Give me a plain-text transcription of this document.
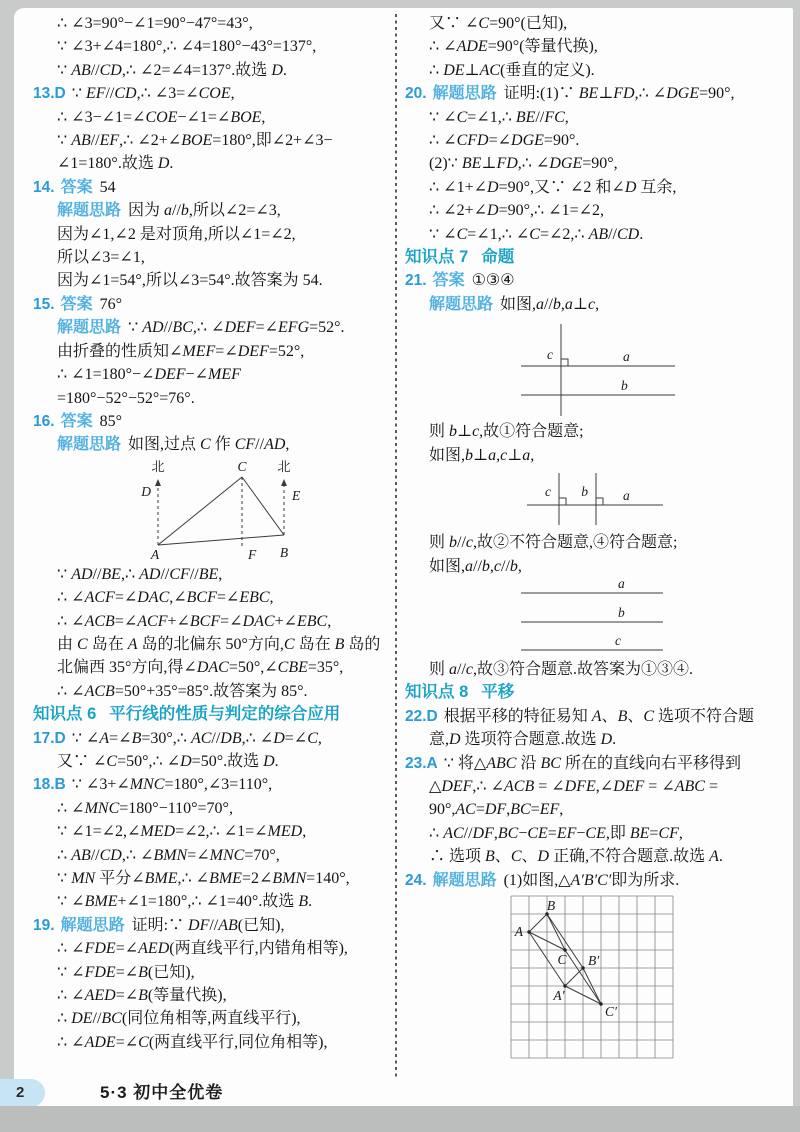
∴ ∠3=90°−∠1=90°−47°=43°,
∵ ∠3+∠4=180°,∴ ∠4=180°−43°=137°,
∵ AB//CD,∴ ∠2=∠4=137°.故选 D.
13.D ∵ EF//CD,∴ ∠3=∠COE,
∴ ∠3−∠1=∠COE−∠1=∠BOE,
∵ AB//EF,∴ ∠2+∠BOE=180°,即∠2+∠3−
∠1=180°.故选 D.
14. 答案 54
解题思路 因为 a//b,所以∠2=∠3,
因为∠1,∠2 是对顶角,所以∠1=∠2,
所以∠3=∠1,
因为∠1=54°,所以∠3=54°.故答案为 54.
15. 答案 76°
解题思路 ∵ AD//BC,∴ ∠DEF=∠EFG=52°.
由折叠的性质知∠MEF=∠DEF=52°,
∴ ∠1=180°−∠DEF−∠MEF
=180°−52°−52°=76°.
16. 答案 85°
解题思路 如图,过点 C 作 CF//AD,
北	北
D	E
C
A	F B
∵ AD//BE,∴ AD//CF//BE,
∴ ∠ACF=∠DAC,∠BCF=∠EBC,
∴ ∠ACB=∠ACF+∠BCF=∠DAC+∠EBC,
由 C 岛在 A 岛的北偏东 50°方向,C 岛在 B 岛的
北偏西 35°方向,得∠DAC=50°,∠CBE=35°,
∴ ∠ACB=50°+35°=85°.故答案为 85°.
知识点 6 平行线的性质与判定的综合应用
17.D ∵ ∠A=∠B=30°,∴ AC//DB,∴ ∠D=∠C,
又∵ ∠C=50°,∴ ∠D=50°.故选 D.
18.B ∵ ∠3+∠MNC=180°,∠3=110°,
∴ ∠MNC=180°−110°=70°,
∵ ∠1=∠2,∠MED=∠2,∴ ∠1=∠MED,
∴ AB//CD,∴ ∠BMN=∠MNC=70°,
∵ MN 平分∠BME,∴ ∠BME=2∠BMN=140°,
∵ ∠BME+∠1=180°,∴ ∠1=40°.故选 B.
19. 解题思路 证明:∵ DF//AB(已知),
∴ ∠FDE=∠AED(两直线平行,内错角相等),
∵ ∠FDE=∠B(已知),
∴ ∠AED=∠B(等量代换),
∴ DE//BC(同位角相等,两直线平行),
∴ ∠ADE=∠C(两直线平行,同位角相等),
又∵ ∠C=90°(已知),
∴ ∠ADE=90°(等量代换),
∴ DE⊥AC(垂直的定义).
20. 解题思路 证明:(1)∵ BE⊥FD,∴ ∠DGE=90°,
∵ ∠C=∠1,∴ BE//FC,
∴ ∠CFD=∠DGE=90°.
(2)∵ BE⊥FD,∴ ∠DGE=90°,
∴ ∠1+∠D=90°,又∵ ∠2 和∠D 互余,
∴ ∠2+∠D=90°,∴ ∠1=∠2,
∵ ∠C=∠1,∴ ∠C=∠2,∴ AB//CD.
知识点 7 命题
21. 答案 ①③④
解题思路 如图,a//b,a⊥c,
c	a
b
则 b⊥c,故①符合题意;
如图,b⊥a,c⊥a,
c b	a
则 b//c,故②不符合题意,④符合题意;
如图,a//b,c//b,
a
b
c
则 a//c,故③符合题意.故答案为①③④.
知识点 8 平移
22.D 根据平移的特征易知 A、B、C 选项不符合题
意,D 选项符合题意.故选 D.
23.A ∵ 将△ABC 沿 BC 所在的直线向右平移得到
△DEF,∴ ∠ACB = ∠DFE,∠DEF = ∠ABC =
90°,AC=DF,BC=EF,
∴ AC//DF,BC−CE=EF−CE,即 BE=CF,
∴ 选项 B、C、D 正确,不符合题意.故选 A.
24. 解题思路 (1)如图,△A′B′C′即为所求.
B
A
C B′
A′
C′
2	5·3 初中全优卷
